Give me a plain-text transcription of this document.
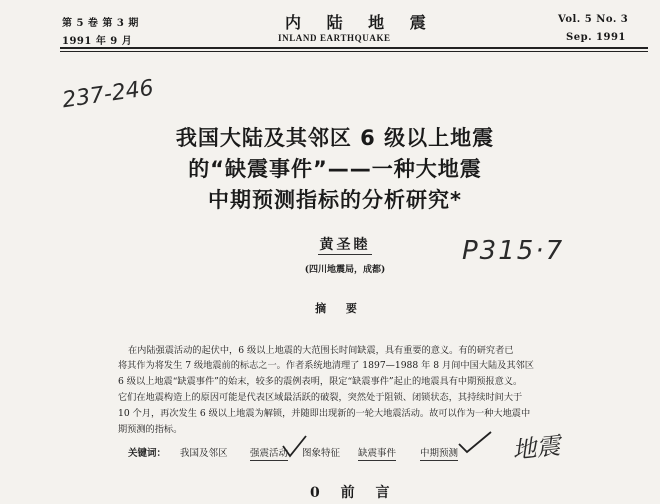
第 5 卷 第 3 期
1991 年 9 月
内 陆 地 震
INLAND EARTHQUAKE
Vol. 5 No. 3
Sep. 1991
237-246
我国大陆及其邻区 6 级以上地震
的“缺震事件”——一种大地震
中期预测指标的分析研究*
黄圣睦
(四川地震局，成都)
P315·7
摘 要
在内陆强震活动的起伏中，6 级以上地震的大范围长时间缺震，具有重要的意义。有的研究者已
将其作为将发生 7 级地震前的标志之一。作者系统地清理了 1897—1988 年 8 月间中国大陆及其邻区
6 级以上地震“缺震事件”的始末，较多的震例表明，限定“缺震事件”起止的地震具有中期预报意义。
它们在地震构造上的原因可能是代表区域最活跃的破裂，突然处于阻锁、闭锁状态，其持续时间大于
10 个月，再次发生 6 级以上地震为解锁，并随即出现新的一轮大地震活动。故可以作为一种大地震中
期预测的指标。
关键词： 我国及邻区 强震活动 图象特征 缺震事件	中期预测 地震
0 前 言
